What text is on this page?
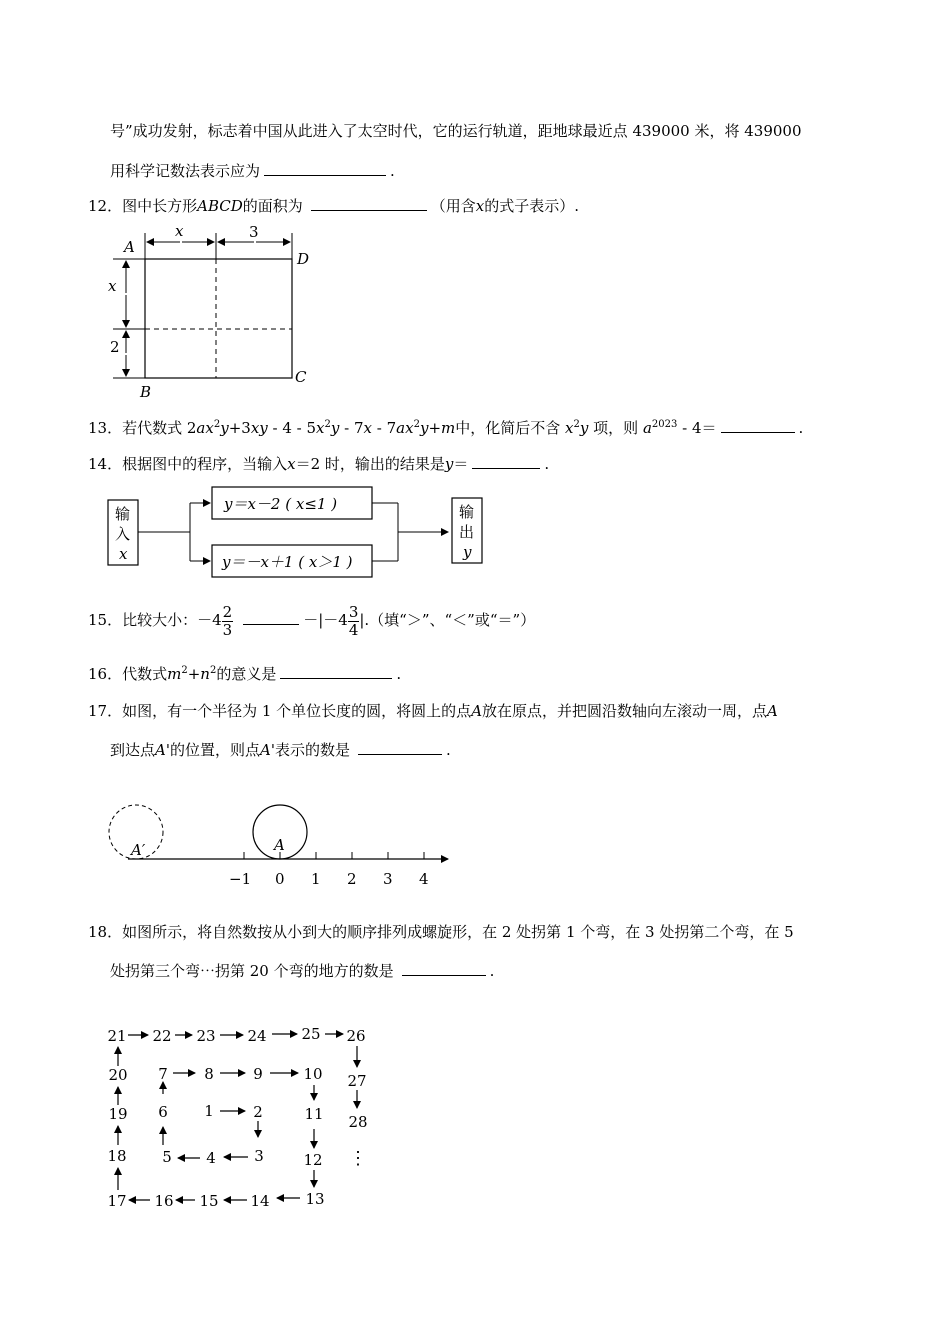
号”成功发射，标志着中国从此进入了太空时代，它的运行轨道，距地球最近点 439000 米，将 439000
用科学记数法表示应为	.
12．图中长方形ABCD的面积为	（用含x的式子表示）.
A
B
C
D
x	3
x
2
13．若代数式 $2ax^2y+3xy$ ‐ 4 ‐ $5x^2y$ ‐ 7x ‐ $7ax^2y+m$中，化简后不含 $x^2y$ 项，则 $a^{2023}$ ‐ 4＝	.
14．根据图中的程序，当输入x＝2 时，输出的结果是y＝	.
输
入
x
y＝x－2 ( x≤1 )
y＝－x＋1 ( x＞1 )
输
出
y
15．比较大小：$-4 \frac{2}{3}$	$-|-4 \frac{3}{4}$ |.（填“＞”、“＜”或“＝”）
16．代数式$m^2+n^2$的意义是	.
17．如图，有一个半径为 1 个单位长度的圆，将圆上的点A放在原点，并把圆沿数轴向左滚动一周，点A
到达点A'的位置，则点A'表示的数是	.
A
A′
−1 0 1 2 3 4
18．如图所示，将自然数按从小到大的顺序排列成螺旋形，在 2 处拐第 1 个弯，在 3 处拐第二个弯，在 5
处拐第三个弯⋯拐第 20 个弯的地方的数是	.
21 22 23 24 25 26
20 7 8	9	10 27
19 6 1	2	11 28
18 5 4	3	12 ⋮
17 16 15 14 13
